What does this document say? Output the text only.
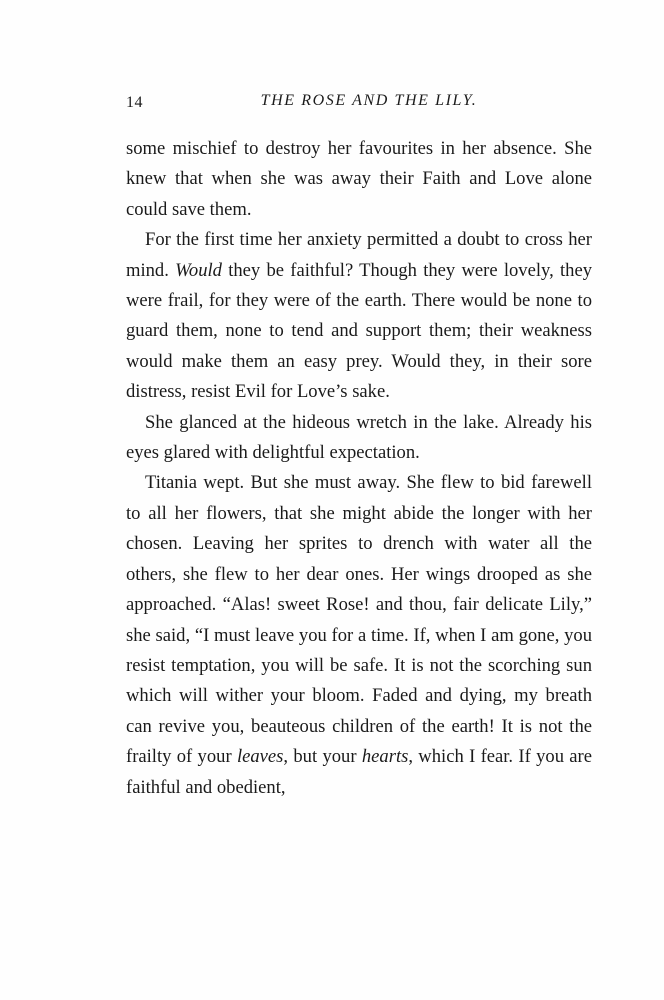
14	THE ROSE AND THE LILY.

some mischief to destroy her favourites in her absence. She knew that when she was away their Faith and Love alone could save them.

For the first time her anxiety permitted a doubt to cross her mind. Would they be faithful? Though they were lovely, they were frail, for they were of the earth. There would be none to guard them, none to tend and support them; their weakness would make them an easy prey. Would they, in their sore distress, resist Evil for Love’s sake.

She glanced at the hideous wretch in the lake. Already his eyes glared with delightful expectation.

Titania wept. But she must away. She flew to bid farewell to all her flowers, that she might abide the longer with her chosen. Leaving her sprites to drench with water all the others, she flew to her dear ones. Her wings drooped as she approached. “Alas! sweet Rose! and thou, fair delicate Lily,” she said, “I must leave you for a time. If, when I am gone, you resist temptation, you will be safe. It is not the scorching sun which will wither your bloom. Faded and dying, my breath can revive you, beauteous children of the earth! It is not the frailty of your leaves, but your hearts, which I fear. If you are faithful and obedient,
